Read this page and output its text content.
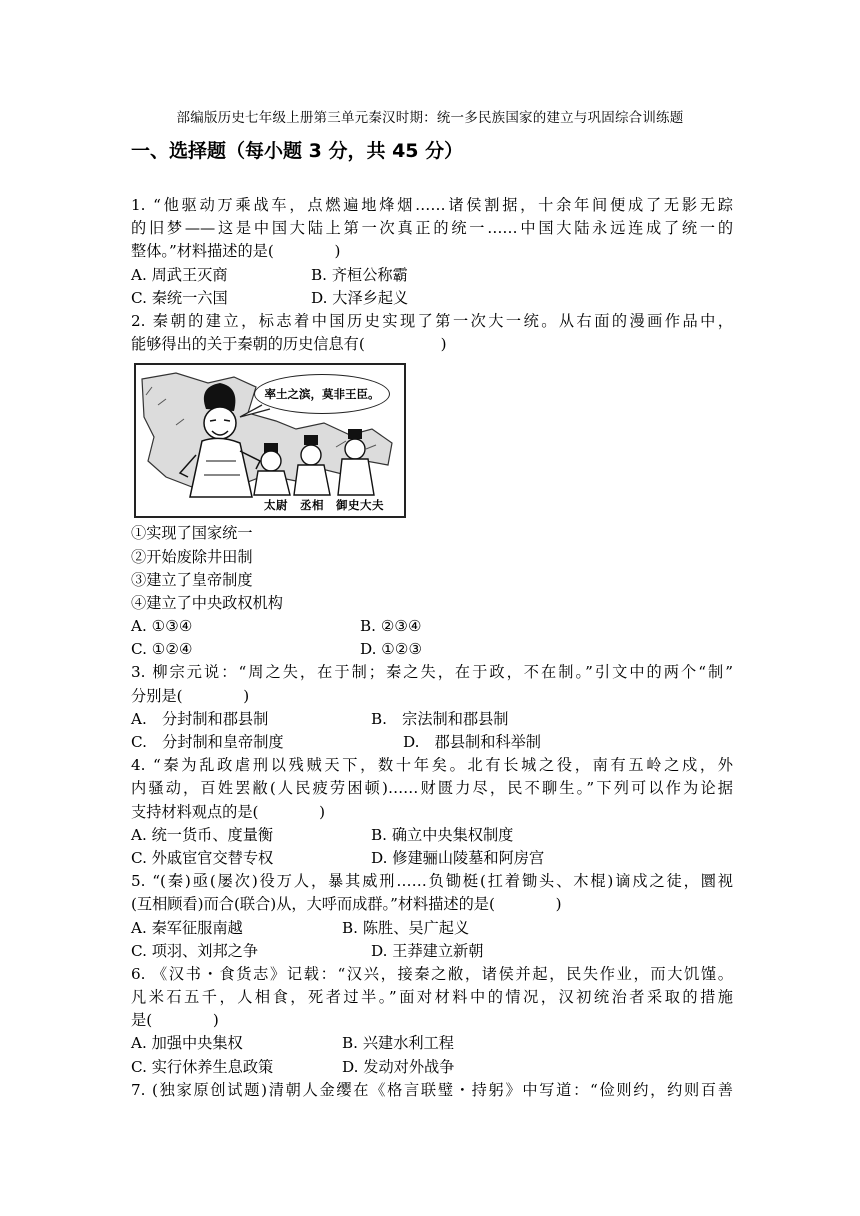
部编版历史七年级上册第三单元秦汉时期：统一多民族国家的建立与巩固综合训练题
一、选择题（每小题 3 分，共 45 分）
1. “他驱动万乘战车，点燃遍地烽烟……诸侯割据，十余年间便成了无影无踪
的旧梦——这是中国大陆上第一次真正的统一……中国大陆永远连成了统一的
整体。”材料描述的是(　　　　)
A. 周武王灭商	B. 齐桓公称霸
C. 秦统一六国	D. 大泽乡起义
2. 秦朝的建立，标志着中国历史实现了第一次大一统。从右面的漫画作品中，
能够得出的关于秦朝的历史信息有(　　　　　)
率土之滨，莫非王臣。
太尉　丞相　御史大夫
①实现了国家统一
②开始废除井田制
③建立了皇帝制度
④建立了中央政权机构
A. ①③④	B. ②③④
C. ①②④	D. ①②③
3. 柳宗元说：“周之失，在于制；秦之失，在于政，不在制。”引文中的两个“制”
分别是(　　　　)
A.　分封制和郡县制	B.　宗法制和郡县制
C.　分封制和皇帝制度	D.　郡县制和科举制
4. “秦为乱政虐刑以残贼天下，数十年矣。北有长城之役，南有五岭之戍，外
内骚动，百姓罢敝(人民疲劳困顿)……财匮力尽，民不聊生。”下列可以作为论据
支持材料观点的是(　　　　)
A. 统一货币、度量衡	B. 确立中央集权制度
C. 外戚宦官交替专权	D. 修建骊山陵墓和阿房宫
5. “(秦)亟(屡次)役万人，暴其威刑……负锄梃(扛着锄头、木棍)谪戍之徒，圜视
(互相顾看)而合(联合)从，大呼而成群。”材料描述的是(　　　　)
A. 秦军征服南越	B. 陈胜、吴广起义
C. 项羽、刘邦之争	D. 王莽建立新朝
6. 《汉书・食货志》记载：“汉兴，接秦之敝，诸侯并起，民失作业，而大饥馑。
凡米石五千，人相食，死者过半。”面对材料中的情况，汉初统治者采取的措施
是(　　　　)
A. 加强中央集权	B. 兴建水利工程
C. 实行休养生息政策	D. 发动对外战争
7. (独家原创试题)清朝人金缨在《格言联璧・持躬》中写道：“俭则约，约则百善
